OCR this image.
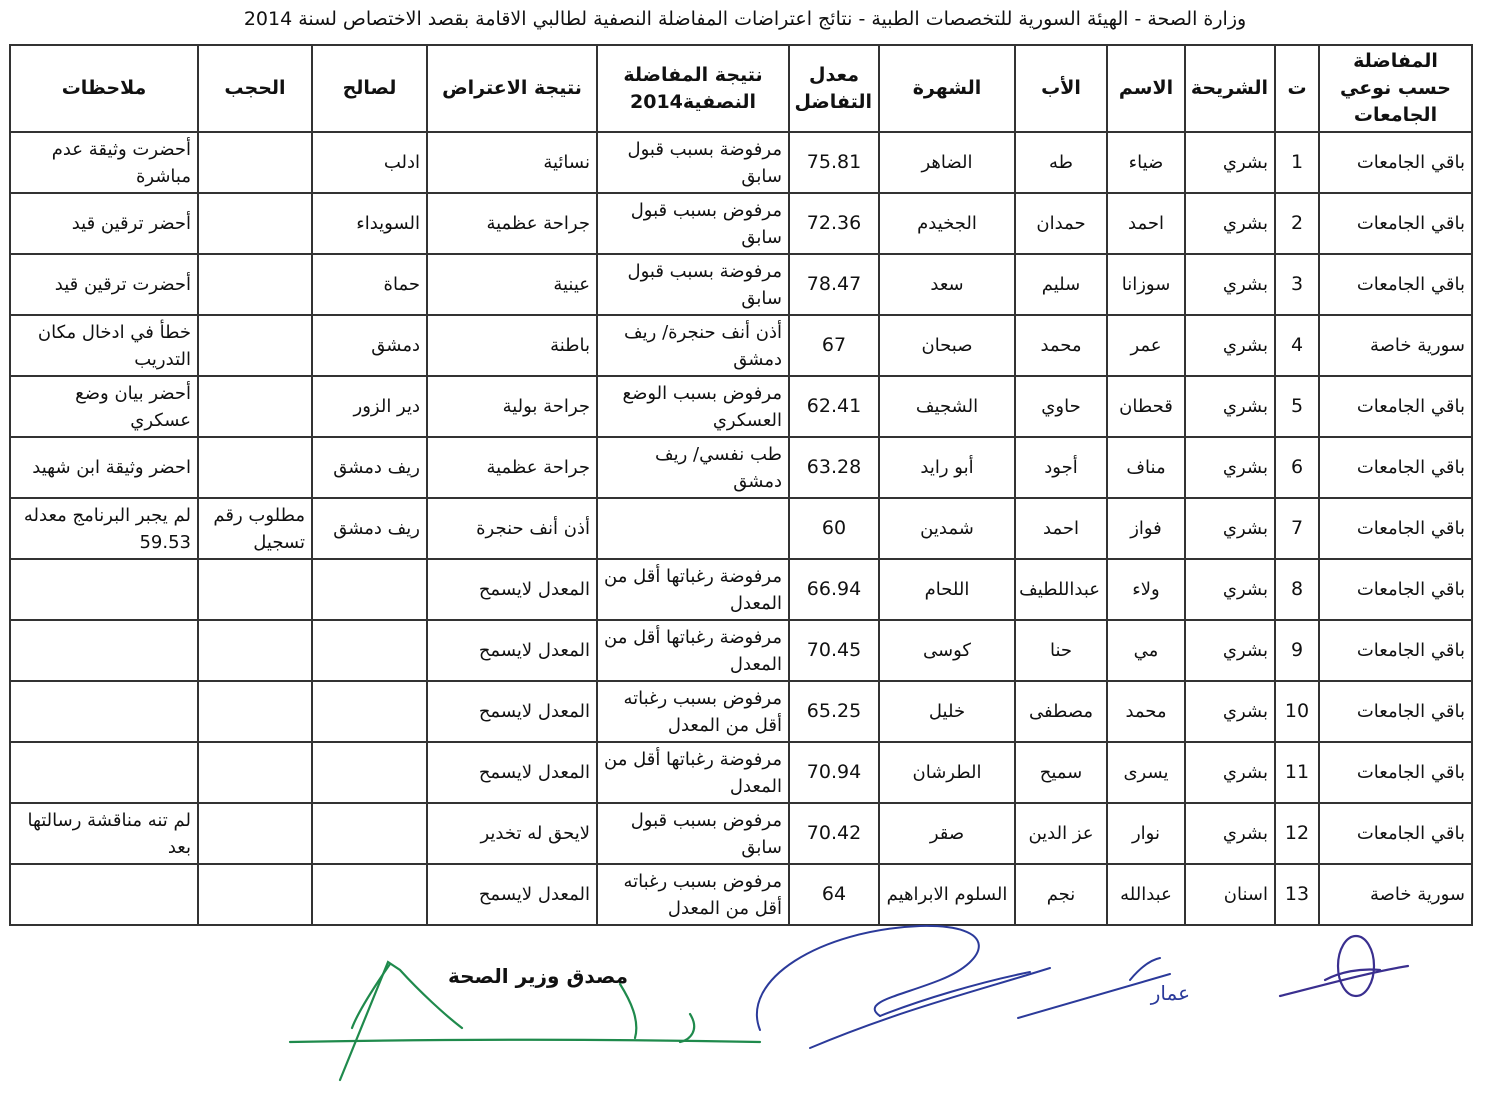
وزارة الصحة - الهيئة السورية للتخصصات الطبية - نتائج اعتراضات المفاضلة النصفية لطالبي الاقامة بقصد الاختصاص لسنة 2014
المفاضلة حسب نوعي الجامعات	ت	الشريحة	الاسم	الأب	الشهرة	معدل التفاضل	نتيجة المفاضلة النصفية2014	نتيجة الاعتراض	لصالح	الحجب	ملاحظات
باقي الجامعات	1	بشري	ضياء	طه	الضاهر	75.81	مرفوضة بسبب قبول سابق	نسائية	ادلب		أحضرت وثيقة عدم مباشرة
باقي الجامعات	2	بشري	احمد	حمدان	الجخيدم	72.36	مرفوض بسبب قبول سابق	جراحة عظمية	السويداء		أحضر ترقين قيد
باقي الجامعات	3	بشري	سوزانا	سليم	سعد	78.47	مرفوضة بسبب قبول سابق	عينية	حماة		أحضرت ترقين قيد
سورية خاصة	4	بشري	عمر	محمد	صبحان	67	أذن أنف حنجرة/ ريف دمشق	باطنة	دمشق		خطأ في ادخال مكان التدريب
باقي الجامعات	5	بشري	قحطان	حاوي	الشجيف	62.41	مرفوض بسبب الوضع العسكري	جراحة بولية	دير الزور		أحضر بيان وضع عسكري
باقي الجامعات	6	بشري	مناف	أجود	أبو رايد	63.28	طب نفسي/ ريف دمشق	جراحة عظمية	ريف دمشق		احضر وثيقة ابن شهيد
باقي الجامعات	7	بشري	فواز	احمد	شمدين	60		أذن أنف حنجرة	ريف دمشق	مطلوب رقم تسجيل	لم يجبر البرنامج معدله 59.53
باقي الجامعات	8	بشري	ولاء	عبداللطيف	اللحام	66.94	مرفوضة رغباتها أقل من المعدل	المعدل لايسمح			
باقي الجامعات	9	بشري	مي	حنا	كوسى	70.45	مرفوضة رغباتها أقل من المعدل	المعدل لايسمح			
باقي الجامعات	10	بشري	محمد	مصطفى	خليل	65.25	مرفوض بسبب رغباته أقل من المعدل	المعدل لايسمح			
باقي الجامعات	11	بشري	يسرى	سميح	الطرشان	70.94	مرفوضة رغباتها أقل من المعدل	المعدل لايسمح			
باقي الجامعات	12	بشري	نوار	عز الدين	صقر	70.42	مرفوض بسبب قبول سابق	لايحق له تخدير			لم تنه مناقشة رسالتها بعد
سورية خاصة	13	اسنان	عبدالله	نجم	السلوم الابراهيم	64	مرفوض بسبب رغباته أقل من المعدل	المعدل لايسمح			
مصدق وزير الصحة
عمار
